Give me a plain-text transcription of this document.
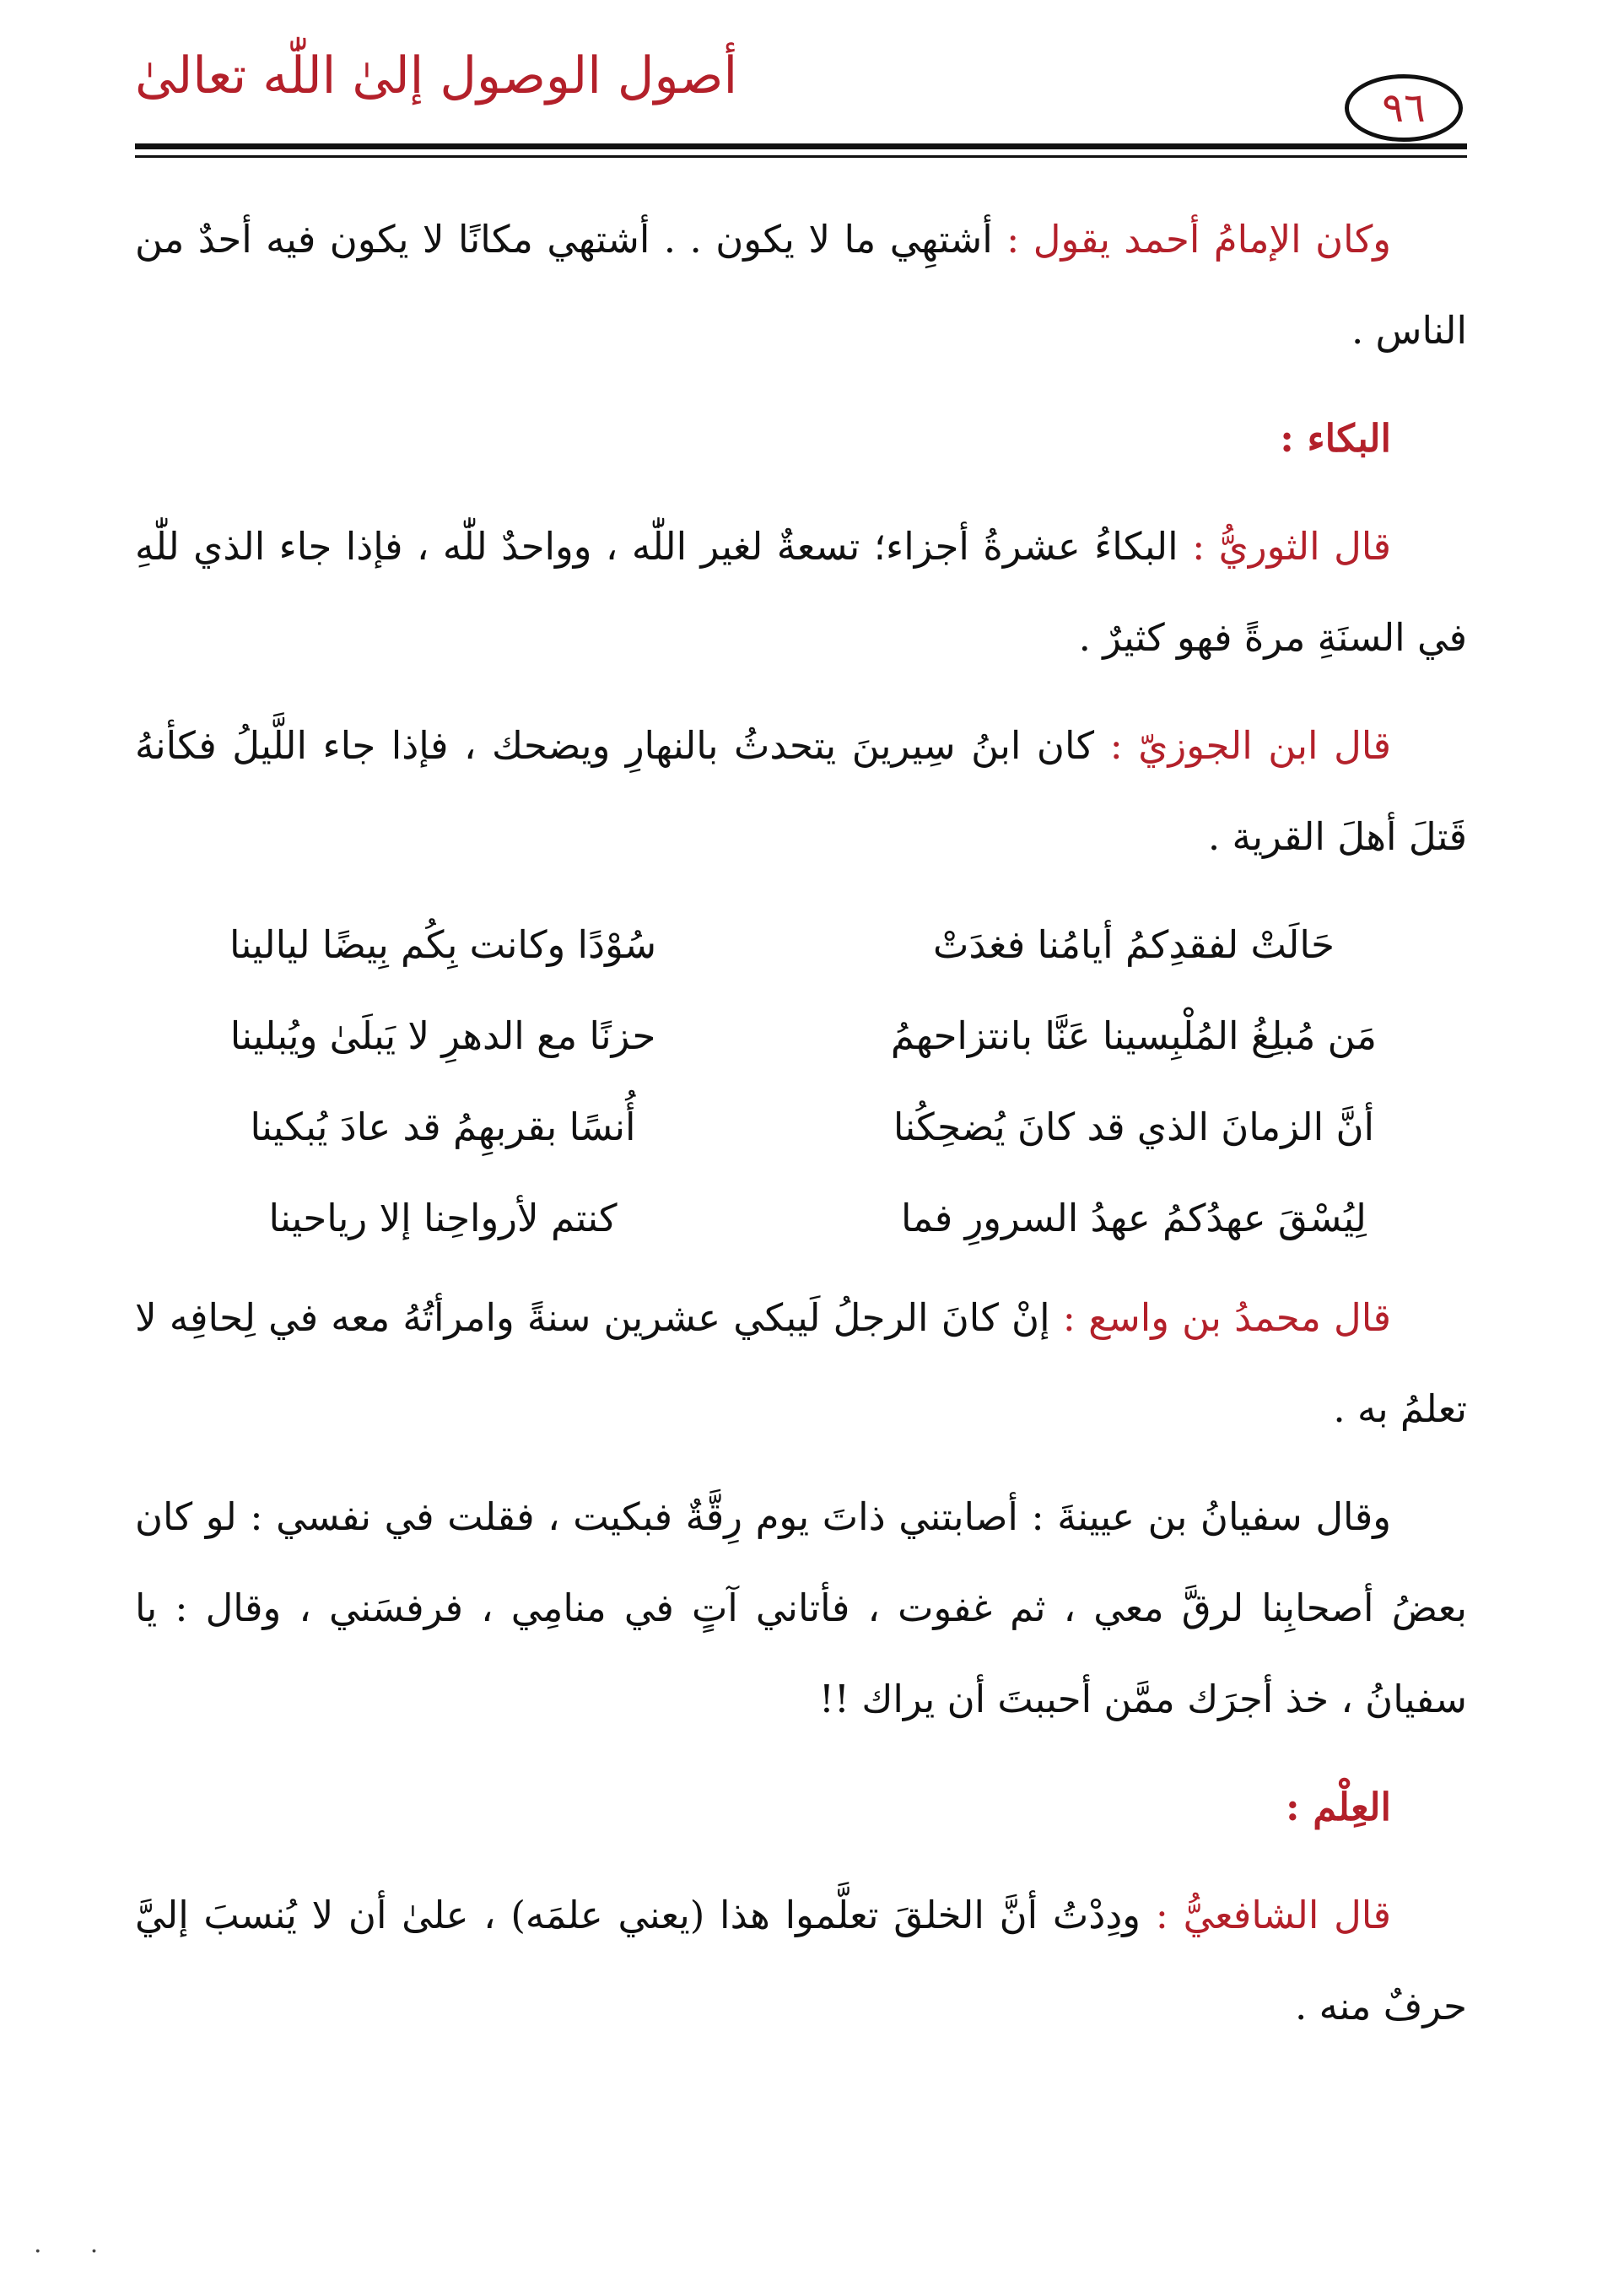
أصول الوصول إلىٰ اللّٰه تعالىٰ
٩٦

وكان الإمامُ أحمد يقول : أشتهِي ما لا يكون . . أشتهي مكانًا لا يكون فيه أحدٌ من الناس .

البكاء :

قال الثوريُّ : البكاءُ عشرةُ أجزاء؛ تسعةٌ لغير اللّٰه ، وواحدٌ للّٰه ، فإذا جاء الذي للّٰهِ في السنَةِ مرةً فهو كثيرٌ .

قال ابن الجوزيّ : كان ابنُ سِيرينَ يتحدثُ بالنهارِ ويضحك ، فإذا جاء اللَّيلُ فكأنهُ قَتلَ أهلَ القرية .

حَالَتْ لفقدِكمُ أيامُنا فغدَتْ
سُوْدًا وكانت بِكُم بِيضًا ليالينا
مَن مُبلِغُ المُلْبِسينا عَنَّا بانتزاحهمُ
حزنًا مع الدهرِ لا يَبلَىٰ ويُبلينا
أنَّ الزمانَ الذي قد كانَ يُضحِكُنا
أُنسًا بقربهِمُ قد عادَ يُبكينا
لِيُسْقَ عهدُكمُ عهدُ السرورِ فما
كنتم لأرواحِنا إلا رياحينا

قال محمدُ بن واسع : إنْ كانَ الرجلُ لَيبكي عشرين سنةً وامرأتُهُ معه في لِحافِه لا تعلمُ به .

وقال سفيانُ بن عيينةَ : أصابتني ذاتَ يوم رِقَّةٌ فبكيت ، فقلت في نفسي : لو كان بعضُ أصحابِنا لرقَّ معي ، ثم غفوت ، فأتاني آتٍ في منامِي ، فرفسَني ، وقال : يا سفيانُ ، خذ أجرَك ممَّن أحببتَ أن يراك !!

العِلْم :

قال الشافعيُّ : ودِدْتُ أنَّ الخلقَ تعلَّموا هذا (يعني علمَه) ، علىٰ أن لا يُنسبَ إليَّ حرفٌ منه .

·      ·
